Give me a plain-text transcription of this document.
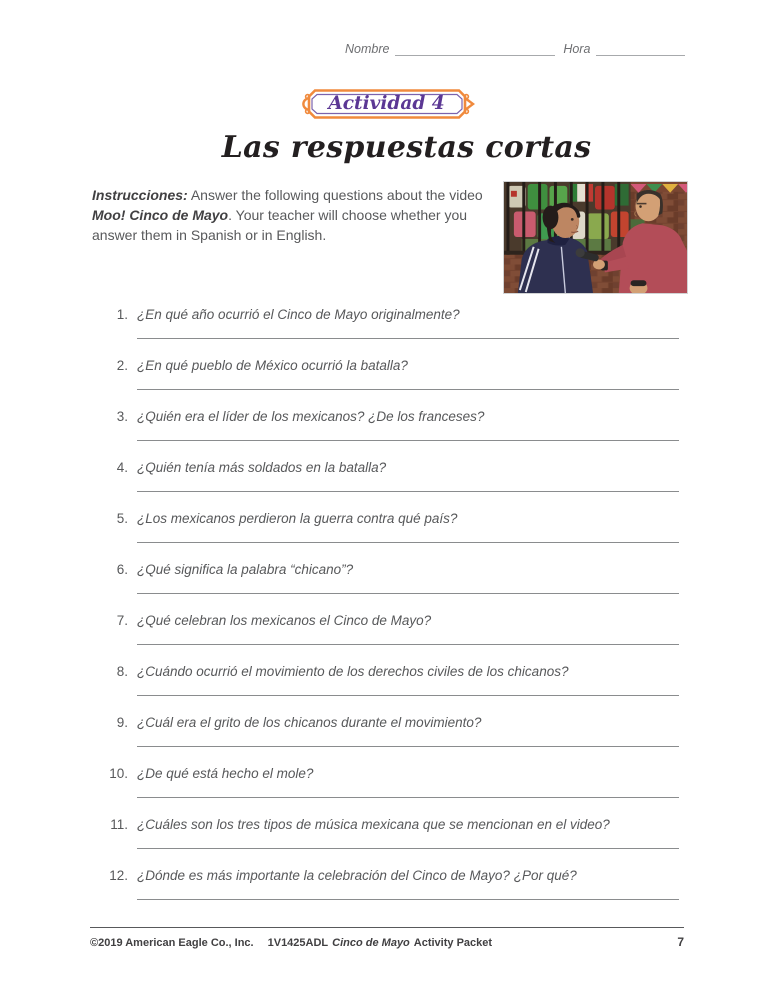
Nombre	Hora
Actividad 4
Las respuestas cortas
Instrucciones: Answer the following questions about the video
Moo! Cinco de Mayo. Your teacher will choose whether you
answer them in Spanish or in English.
1. ¿En qué año ocurrió el Cinco de Mayo originalmente?
2. ¿En qué pueblo de México ocurrió la batalla?
3. ¿Quién era el líder de los mexicanos? ¿De los franceses?
4. ¿Quién tenía más soldados en la batalla?
5. ¿Los mexicanos perdieron la guerra contra qué país?
6. ¿Qué significa la palabra “chicano”?
7. ¿Qué celebran los mexicanos el Cinco de Mayo?
8. ¿Cuándo ocurrió el movimiento de los derechos civiles de los chicanos?
9. ¿Cuál era el grito de los chicanos durante el movimiento?
10. ¿De qué está hecho el mole?
11. ¿Cuáles son los tres tipos de música mexicana que se mencionan en el video?
12. ¿Dónde es más importante la celebración del Cinco de Mayo? ¿Por qué?
©2019 American Eagle Co., Inc. 1V1425ADL Cinco de Mayo Activity Packet	7
